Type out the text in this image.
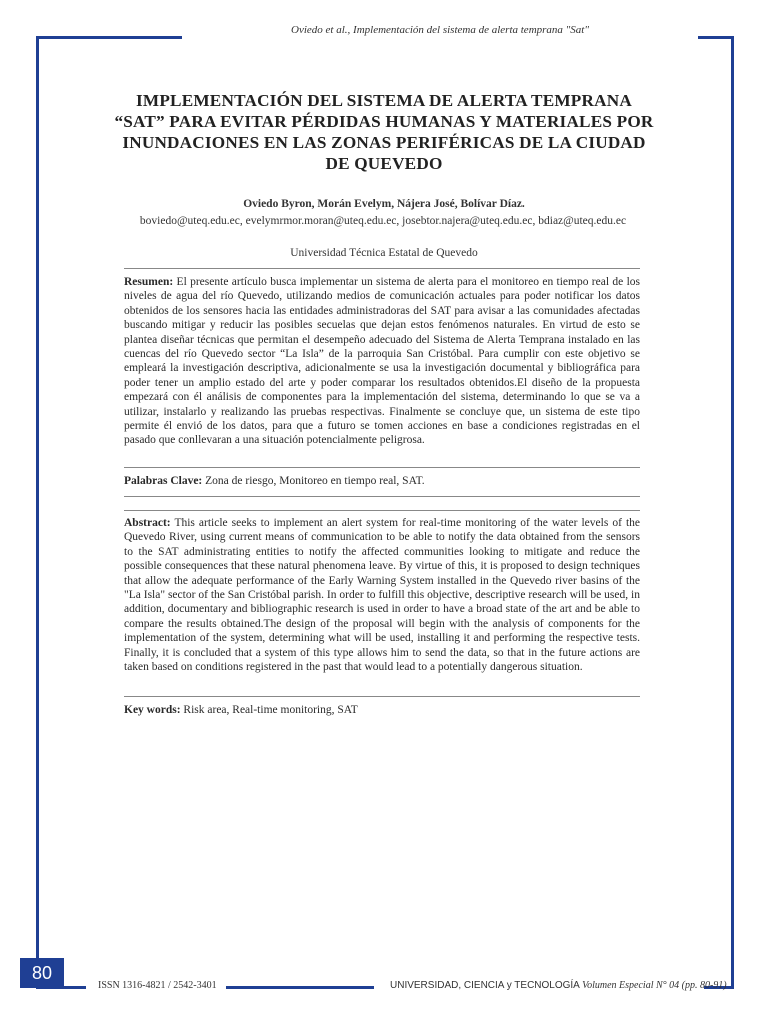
Oviedo et al., Implementación del sistema de alerta temprana "Sat"
IMPLEMENTACIÓN DEL SISTEMA DE ALERTA TEMPRANA “SAT” PARA EVITAR PÉRDIDAS HUMANAS Y MATERIALES POR INUNDACIONES EN LAS ZONAS PERIFÉRICAS DE LA CIUDAD DE QUEVEDO
Oviedo Byron, Morán Evelym, Nájera José, Bolívar Díaz.
boviedo@uteq.edu.ec, evelymrmor.moran@uteq.edu.ec, josebtor.najera@uteq.edu.ec, bdiaz@uteq.edu.ec
Universidad Técnica Estatal de Quevedo
Resumen: El presente artículo busca implementar un sistema de alerta para el monitoreo en tiempo real de los niveles de agua del río Quevedo, utilizando medios de comunicación actuales para poder notificar los datos obtenidos de los sensores hacia las entidades administradoras del SAT para avisar a las comunidades afectadas buscando mitigar y reducir las posibles secuelas que dejan estos fenómenos naturales. En virtud de esto se plantea diseñar técnicas que permitan el desempeño adecuado del Sistema de Alerta Temprana instalado en las cuencas del río Quevedo sector “La Isla” de la parroquia San Cristóbal. Para cumplir con este objetivo se empleará la investigación descriptiva, adicionalmente se usa la investigación documental y bibliográfica para poder tener un amplio estado del arte y poder comparar los resultados obtenidos.El diseño de la propuesta empezará con él análisis de componentes para la implementación del sistema, determinando lo que se va a utilizar, instalarlo y realizando las pruebas respectivas. Finalmente se concluye que, un sistema de este tipo permite él envió de los datos, para que a futuro se tomen acciones en base a condiciones registradas en el pasado que conllevaran a una situación potencialmente peligrosa.
Palabras Clave: Zona de riesgo, Monitoreo en tiempo real, SAT.
Abstract: This article seeks to implement an alert system for real-time monitoring of the water levels of the Quevedo River, using current means of communication to be able to notify the data obtained from the sensors to the SAT administrating entities to notify the affected communities looking to mitigate and reduce the possible consequences that these natural phenomena leave. By virtue of this, it is proposed to design techniques that allow the adequate performance of the Early Warning System installed in the Quevedo river basins of the "La Isla" sector of the San Cristóbal parish. In order to fulfill this objective, descriptive research will be used, in addition, documentary and bibliographic research is used in order to have a broad state of the art and be able to compare the results obtained.The design of the proposal will begin with the analysis of components for the implementation of the system, determining what will be used, installing it and performing the respective tests. Finally, it is concluded that a system of this type allows him to send the data, so that in the future actions are taken based on conditions registered in the past that would lead to a potentially dangerous situation.
Key words: Risk area, Real-time monitoring, SAT
80
ISSN 1316-4821 / 2542-3401	UNIVERSIDAD, CIENCIA y TECNOLOGÍA Volumen Especial N° 04 (pp. 80-91)
